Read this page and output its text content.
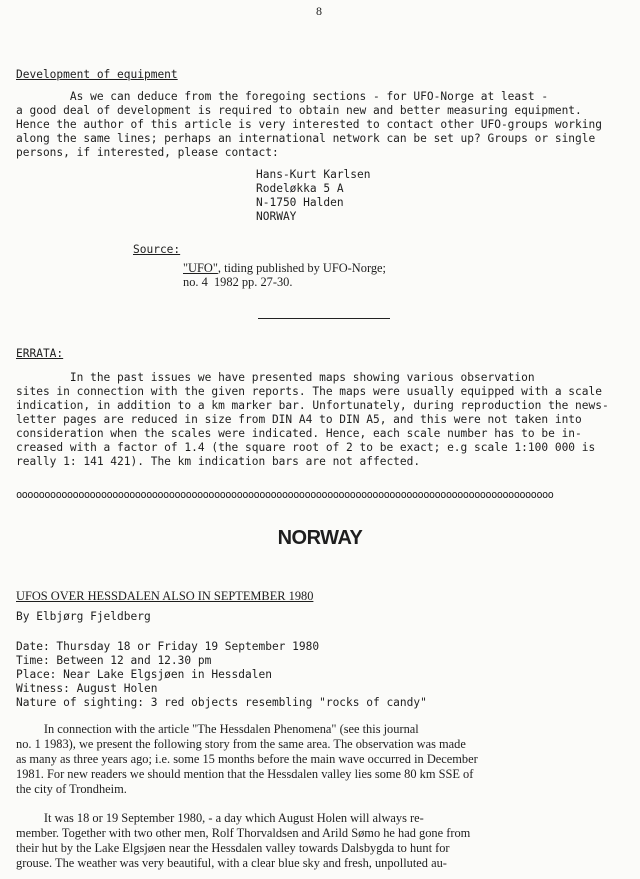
8
Development of equipment
As we can deduce from the foregoing sections - for UFO-Norge at least -
a good deal of development is required to obtain new and better measuring equipment.
Hence the author of this article is very interested to contact other UFO-groups working
along the same lines; perhaps an international network can be set up? Groups or single
persons, if interested, please contact:
Hans-Kurt Karlsen
Rodeløkka 5 A
N-1750 Halden
NORWAY
Source:
"UFO", tiding published by UFO-Norge;
no. 4  1982 pp. 27-30.
ERRATA:
In the past issues we have presented maps showing various observation
sites in connection with the given reports. The maps were usually equipped with a scale
indication, in addition to a km marker bar. Unfortunately, during reproduction the news-
letter pages are reduced in size from DIN A4 to DIN A5, and this were not taken into
consideration when the scales were indicated. Hence, each scale number has to be in-
creased with a factor of 1.4 (the square root of 2 to be exact; e.g scale 1:100 000 is
really 1: 141 421). The km indication bars are not affected.
ooooooooooooooooooooooooooooooooooooooooooooooooooooooooooooooooooooooooooooooooooooooooooooooo
NORWAY
UFOS OVER HESSDALEN ALSO IN SEPTEMBER 1980
By Elbjørg Fjeldberg
Date: Thursday 18 or Friday 19 September 1980
Time: Between 12 and 12.30 pm
Place: Near Lake Elgsjøen in Hessdalen
Witness: August Holen
Nature of sighting: 3 red objects resembling "rocks of candy"
In connection with the article "The Hessdalen Phenomena" (see this journal
no. 1 1983), we present the following story from the same area. The observation was made
as many as three years ago; i.e. some 15 months before the main wave occurred in December
1981. For new readers we should mention that the Hessdalen valley lies some 80 km SSE of
the city of Trondheim.
It was 18 or 19 September 1980, - a day which August Holen will always re-
member. Together with two other men, Rolf Thorvaldsen and Arild Sømo he had gone from
their hut by the Lake Elgsjøen near the Hessdalen valley towards Dalsbygda to hunt for
grouse. The weather was very beautiful, with a clear blue sky and fresh, unpolluted au-
